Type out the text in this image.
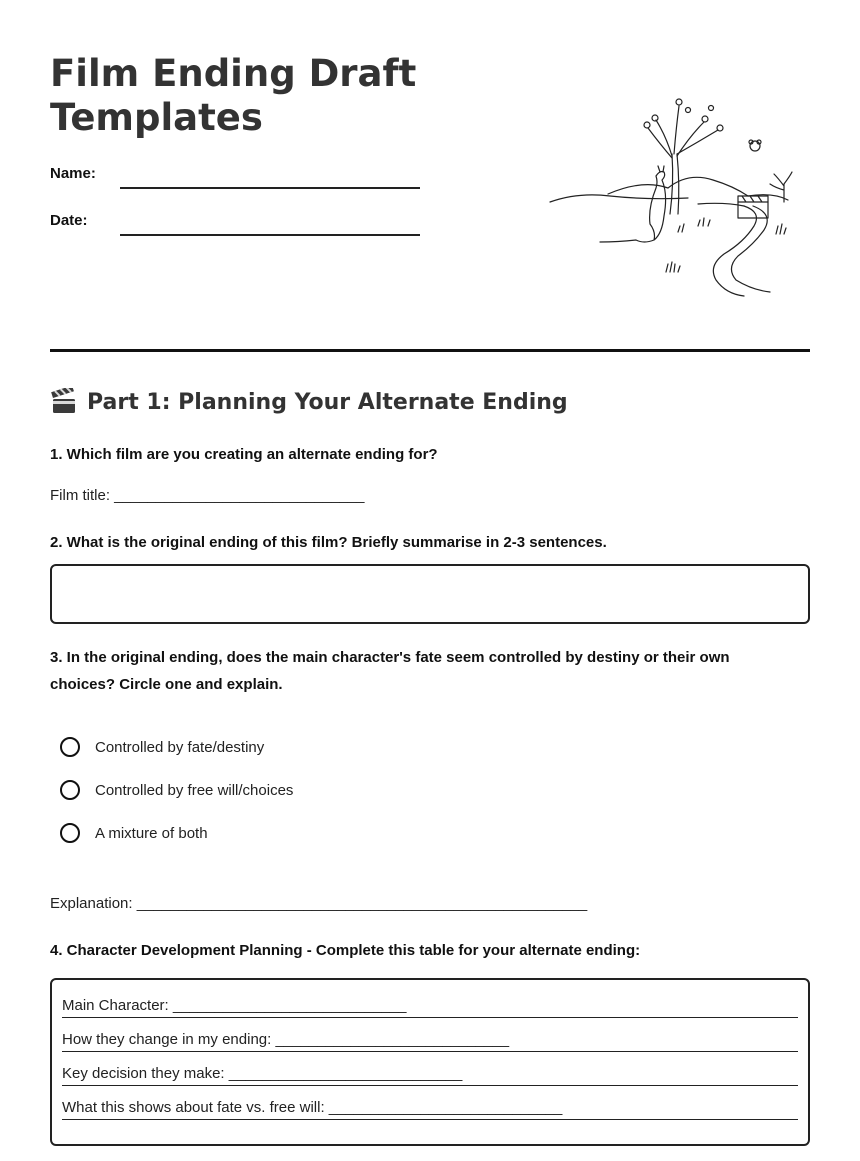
Film Ending Draft
Templates
Name:
Date:
Part 1: Planning Your Alternate Ending

1. Which film are you creating an alternate ending for?

Film title: ______________________________

2. What is the original ending of this film? Briefly summarise in 2-3 sentences.

3. In the original ending, does the main character's fate seem controlled by destiny or their own choices? Circle one and explain.

Controlled by fate/destiny
Controlled by free will/choices
A mixture of both
Explanation: ______________________________________________________

4. Character Development Planning - Complete this table for your alternate ending:

Main Character: ____________________________
How they change in my ending: ____________________________
Key decision they make: ____________________________
What this shows about fate vs. free will: ____________________________
